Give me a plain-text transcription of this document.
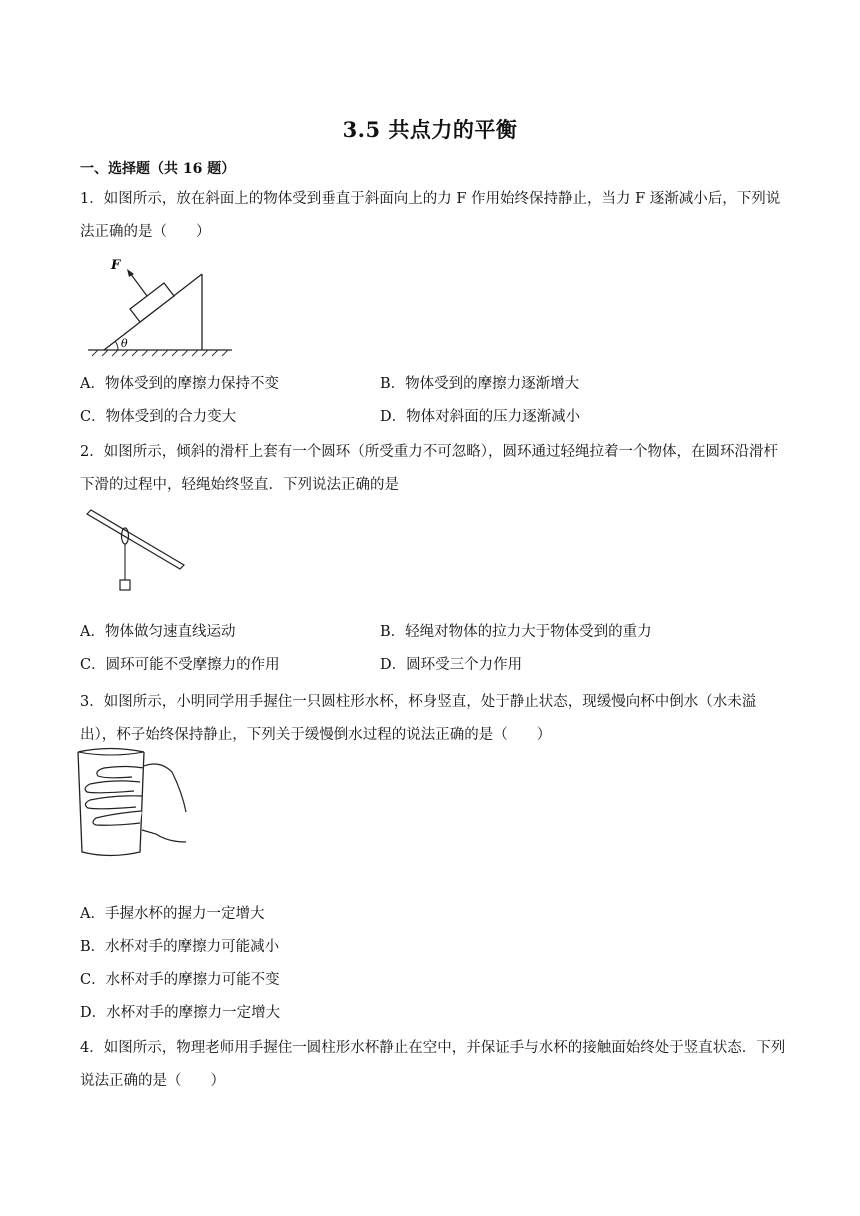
3.5 共点力的平衡
一、选择题（共 16 题）
1．如图所示，放在斜面上的物体受到垂直于斜面向上的力 F 作用始终保持静止，当力 F 逐渐减小后，下列说法正确的是（　　）
F
θ
A．物体受到的摩擦力保持不变	B．物体受到的摩擦力逐渐增大
C．物体受到的合力变大	D．物体对斜面的压力逐渐减小
2．如图所示，倾斜的滑杆上套有一个圆环（所受重力不可忽略），圆环通过轻绳拉着一个物体，在圆环沿滑杆下滑的过程中，轻绳始终竖直．下列说法正确的是
A．物体做匀速直线运动	B．轻绳对物体的拉力大于物体受到的重力
C．圆环可能不受摩擦力的作用	D．圆环受三个力作用
3．如图所示，小明同学用手握住一只圆柱形水杯，杯身竖直，处于静止状态，现缓慢向杯中倒水（水未溢出），杯子始终保持静止，下列关于缓慢倒水过程的说法正确的是（　　）
A．手握水杯的握力一定增大
B．水杯对手的摩擦力可能减小
C．水杯对手的摩擦力可能不变
D．水杯对手的摩擦力一定增大
4．如图所示，物理老师用手握住一圆柱形水杯静止在空中，并保证手与水杯的接触面始终处于竖直状态．下列说法正确的是（　　）
